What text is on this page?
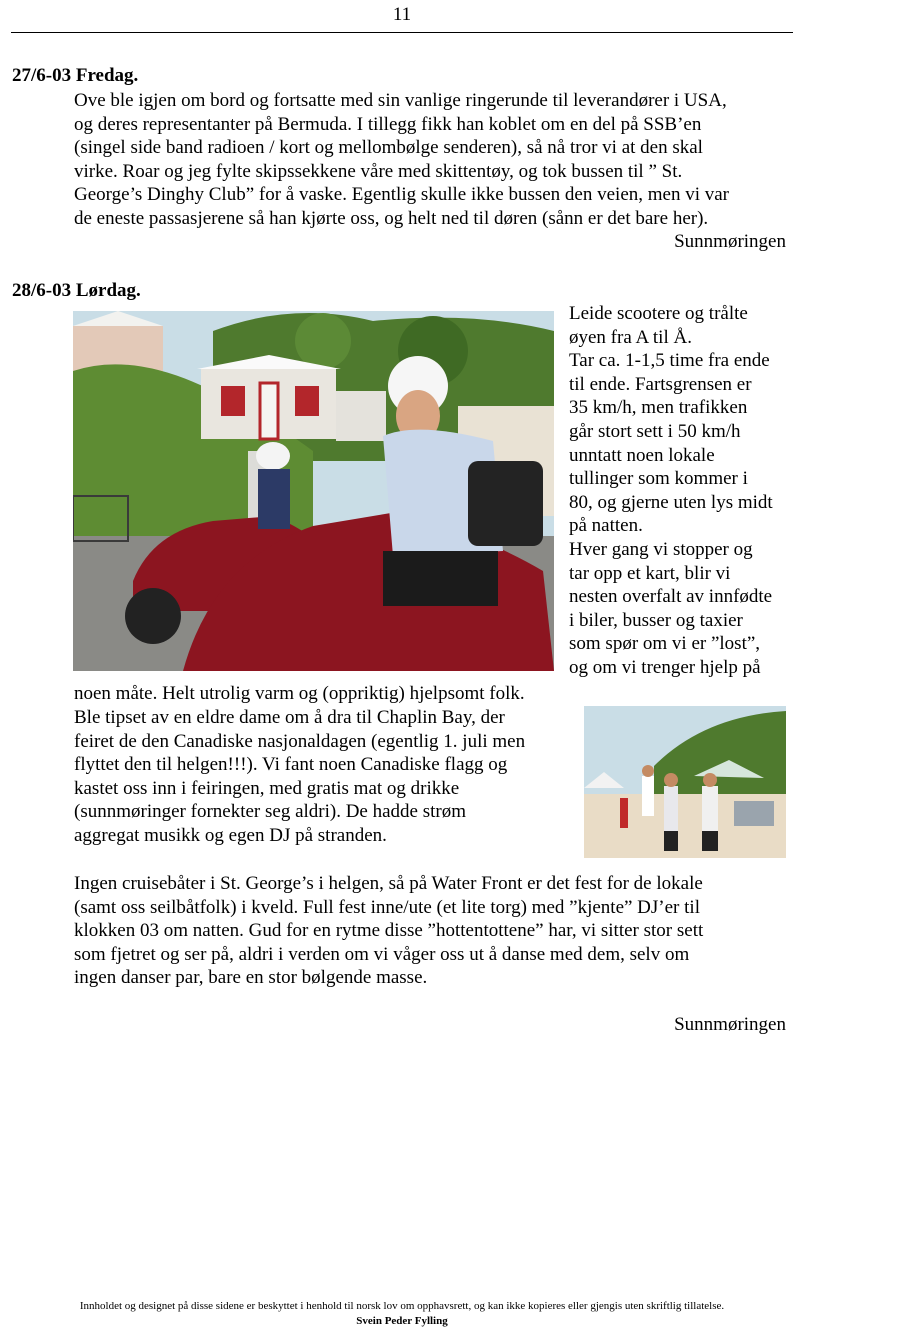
11
27/6-03 Fredag.
Ove ble igjen om bord og fortsatte med sin vanlige ringerunde til leverandører i USA,
og deres representanter på Bermuda. I tillegg fikk han koblet om en del på SSB’en
(singel side band radioen / kort og mellombølge senderen), så nå tror vi at den skal
virke. Roar og jeg fylte skipssekkene våre med skittentøy, og tok bussen til ” St.
George’s Dinghy Club” for å vaske. Egentlig skulle ikke bussen den veien, men vi var
de eneste passasjerene så han kjørte oss, og helt ned til døren (sånn er det bare her).
Sunnmøringen
28/6-03 Lørdag.
Leide scootere og trålte
øyen fra A til Å.
Tar ca. 1-1,5 time fra ende
til ende. Fartsgrensen er
35 km/h, men trafikken
går stort sett i 50 km/h
unntatt noen lokale
tullinger som kommer i
80, og gjerne uten lys midt
på natten.
Hver gang vi stopper og
tar opp et kart, blir vi
nesten overfalt av innfødte
i biler, busser og taxier
som spør om vi er ”lost”,
og om vi trenger hjelp på
noen måte. Helt utrolig varm og (oppriktig) hjelpsomt folk.
Ble tipset av en eldre dame om å dra til Chaplin Bay, der
feiret de den Canadiske nasjonaldagen (egentlig 1. juli men
flyttet den til helgen!!!). Vi fant noen Canadiske flagg og
kastet oss inn i feiringen, med gratis mat og drikke
(sunnmøringer fornekter seg aldri). De hadde strøm
aggregat musikk og egen DJ på stranden.
Ingen cruisebåter i St. George’s i helgen, så på Water Front er det fest for de lokale
(samt oss seilbåtfolk) i kveld. Full fest inne/ute (et lite torg) med ”kjente” DJ’er til
klokken 03 om natten. Gud for en rytme disse ”hottentottene” har, vi sitter stor sett
som fjetret og ser på, aldri i verden om vi våger oss ut å danse med dem, selv om
ingen danser par, bare en stor bølgende masse.
Sunnmøringen
Innholdet og designet på disse sidene er beskyttet i henhold til norsk lov om opphavsrett, og kan ikke kopieres eller gjengis uten skriftlig tillatelse.
Svein Peder Fylling
